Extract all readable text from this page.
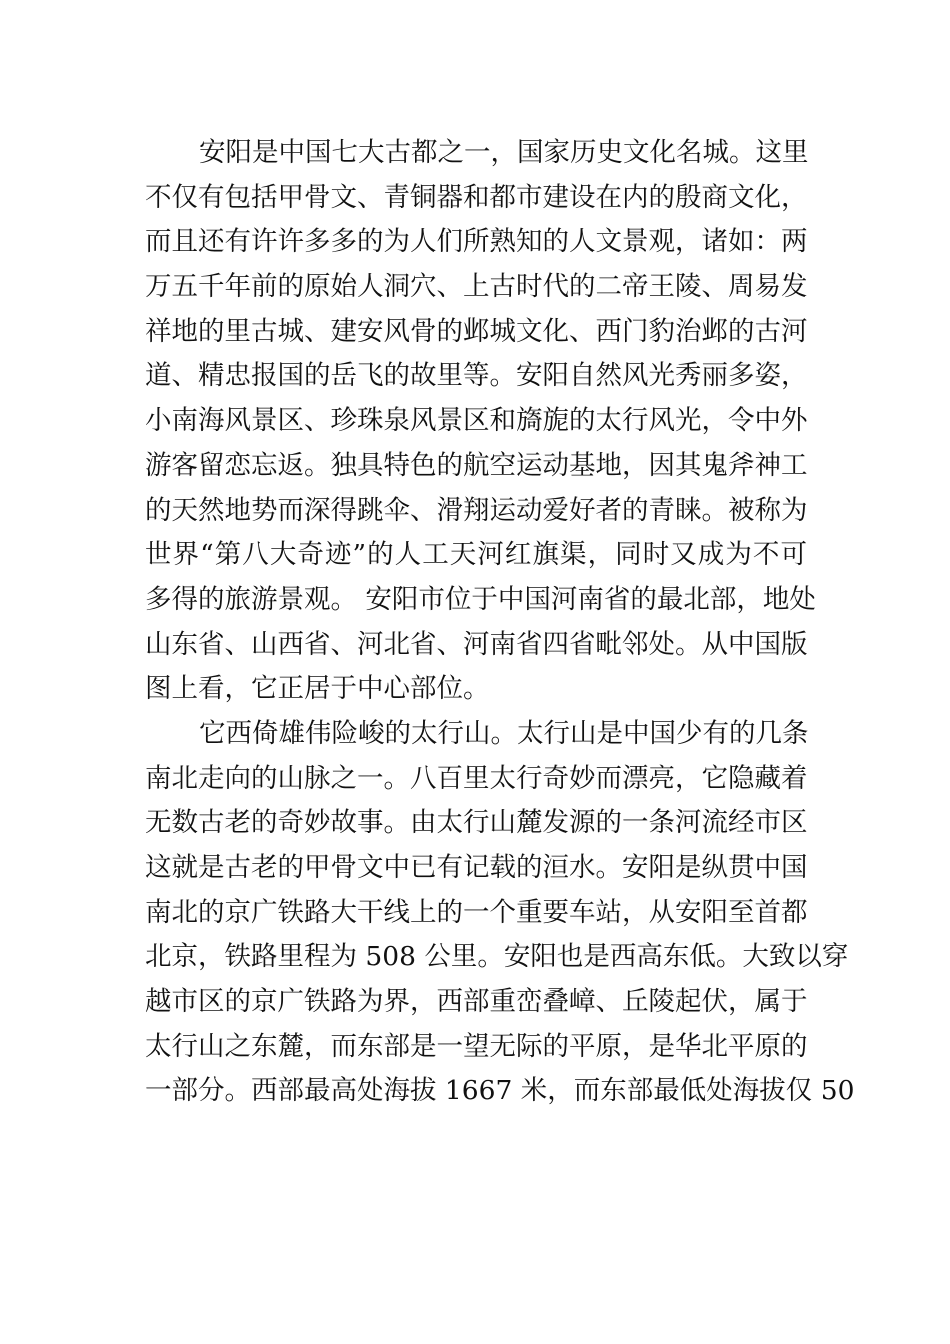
安阳是中国七大古都之一，国家历史文化名城。这里
不仅有包括甲骨文、青铜器和都市建设在内的殷商文化，
而且还有许许多多的为人们所熟知的人文景观，诸如：两
万五千年前的原始人洞穴、上古时代的二帝王陵、周易发
祥地的里古城、建安风骨的邺城文化、西门豹治邺的古河
道、精忠报国的岳飞的故里等。安阳自然风光秀丽多姿，
小南海风景区、珍珠泉风景区和旖旎的太行风光，令中外
游客留恋忘返。独具特色的航空运动基地，因其鬼斧神工
的天然地势而深得跳伞、滑翔运动爱好者的青睐。被称为
世界“第八大奇迹”的人工天河红旗渠，同时又成为不可
多得的旅游景观。 安阳市位于中国河南省的最北部，地处
山东省、山西省、河北省、河南省四省毗邻处。从中国版
图上看，它正居于中心部位。
它西倚雄伟险峻的太行山。太行山是中国少有的几条
南北走向的山脉之一。八百里太行奇妙而漂亮，它隐藏着
无数古老的奇妙故事。由太行山麓发源的一条河流经市区
这就是古老的甲骨文中已有记载的洹水。安阳是纵贯中国
南北的京广铁路大干线上的一个重要车站，从安阳至首都
北京，铁路里程为 508 公里。安阳也是西高东低。大致以穿
越市区的京广铁路为界，西部重峦叠嶂、丘陵起伏，属于
太行山之东麓，而东部是一望无际的平原，是华北平原的
一部分。西部最高处海拔 1667 米，而东部最低处海拔仅 50
